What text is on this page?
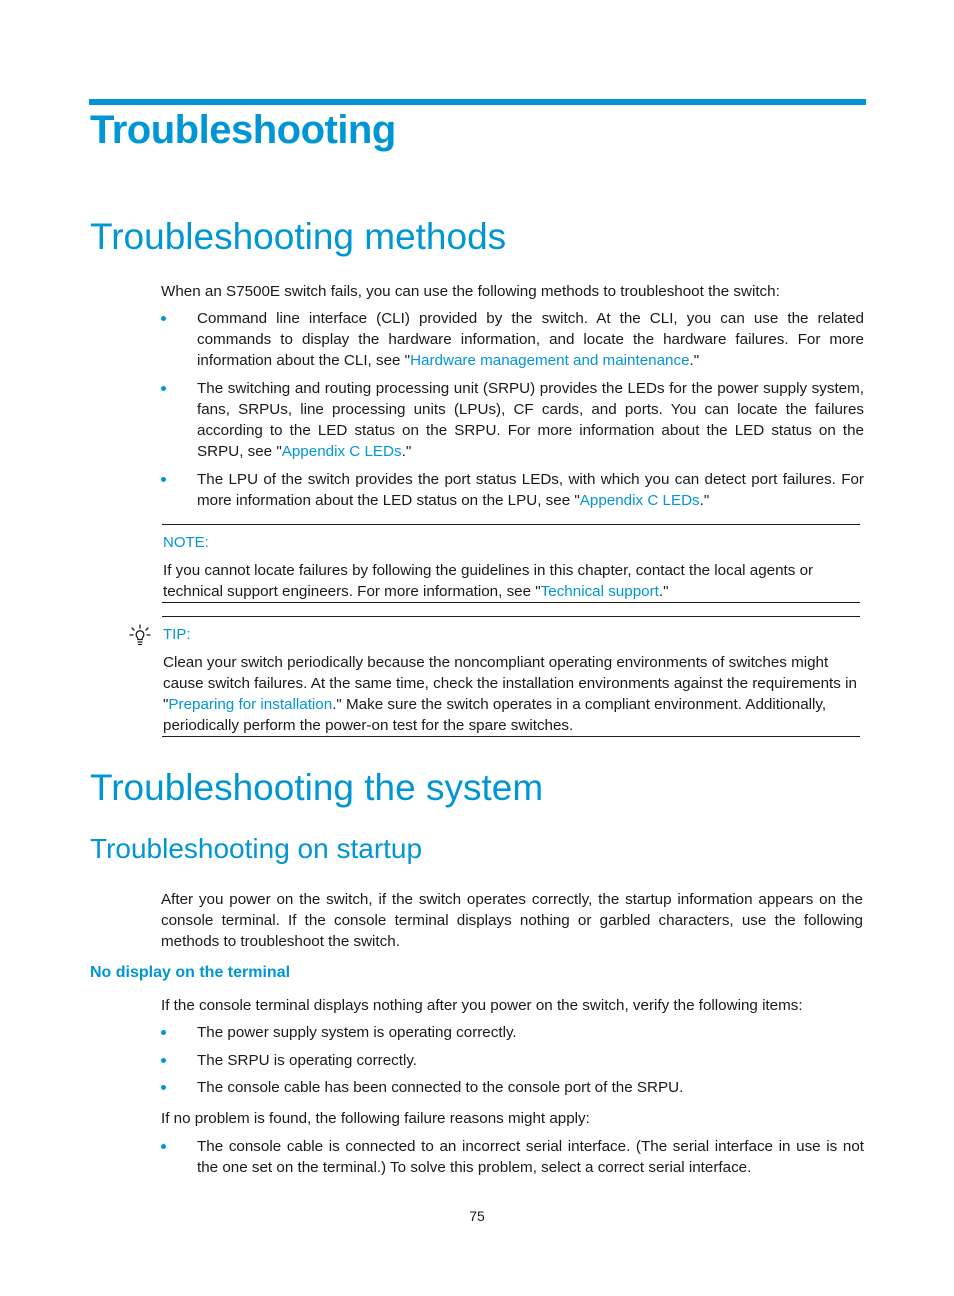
Troubleshooting
Troubleshooting methods

When an S7500E switch fails, you can use the following methods to troubleshoot the switch:

Command line interface (CLI) provided by the switch. At the CLI, you can use the related commands to display the hardware information, and locate the hardware failures. For more information about the CLI, see "Hardware management and maintenance."

The switching and routing processing unit (SRPU) provides the LEDs for the power supply system, fans, SRPUs, line processing units (LPUs), CF cards, and ports. You can locate the failures according to the LED status on the SRPU. For more information about the LED status on the SRPU, see "Appendix C LEDs."

The LPU of the switch provides the port status LEDs, with which you can detect port failures. For more information about the LED status on the LPU, see "Appendix C LEDs."

NOTE:

If you cannot locate failures by following the guidelines in this chapter, contact the local agents or technical support engineers. For more information, see "Technical support."

TIP:

Clean your switch periodically because the noncompliant operating environments of switches might cause switch failures. At the same time, check the installation environments against the requirements in "Preparing for installation." Make sure the switch operates in a compliant environment. Additionally, periodically perform the power-on test for the spare switches.

Troubleshooting the system
Troubleshooting on startup

After you power on the switch, if the switch operates correctly, the startup information appears on the console terminal. If the console terminal displays nothing or garbled characters, use the following methods to troubleshoot the switch.

No display on the terminal

If the console terminal displays nothing after you power on the switch, verify the following items:

The power supply system is operating correctly.

The SRPU is operating correctly.

The console cable has been connected to the console port of the SRPU.

If no problem is found, the following failure reasons might apply:

The console cable is connected to an incorrect serial interface. (The serial interface in use is not the one set on the terminal.) To solve this problem, select a correct serial interface.

75
